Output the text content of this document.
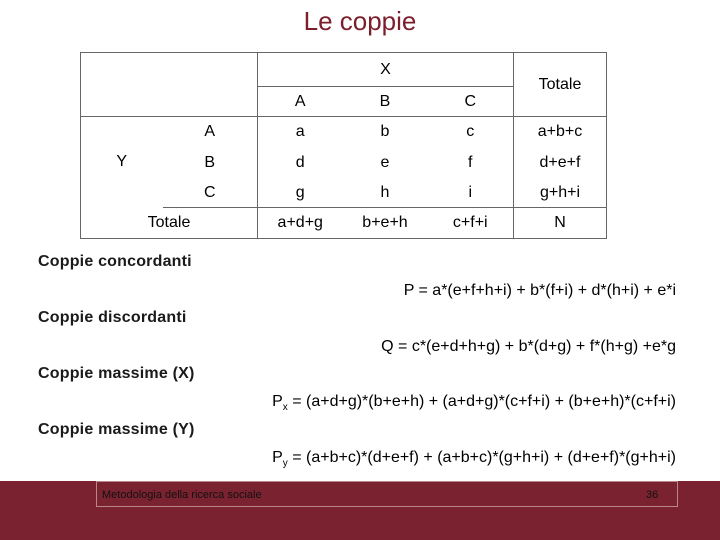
Le coppie
		X			Totale
		A	B	C	
Y	A	a	b	c	a+b+c
	B	d	e	f	d+e+f
	C	g	h	i	g+h+i
Totale		a+d+g	b+e+h	c+f+i	N
Coppie concordanti
P = a*(e+f+h+i) + b*(f+i) + d*(h+i) + e*i
Coppie discordanti
Q = c*(e+d+h+g) + b*(d+g) + f*(h+g) +e*g
Coppie massime (X)
$P_x = (a+d+g)*(b+e+h) + (a+d+g)*(c+f+i) + (b+e+h)*(c+f+i)$
Coppie massime (Y)
$P_y = (a+b+c)*(d+e+f) + (a+b+c)*(g+h+i) + (d+e+f)*(g+h+i)$
Metodologia della ricerca sociale	36
